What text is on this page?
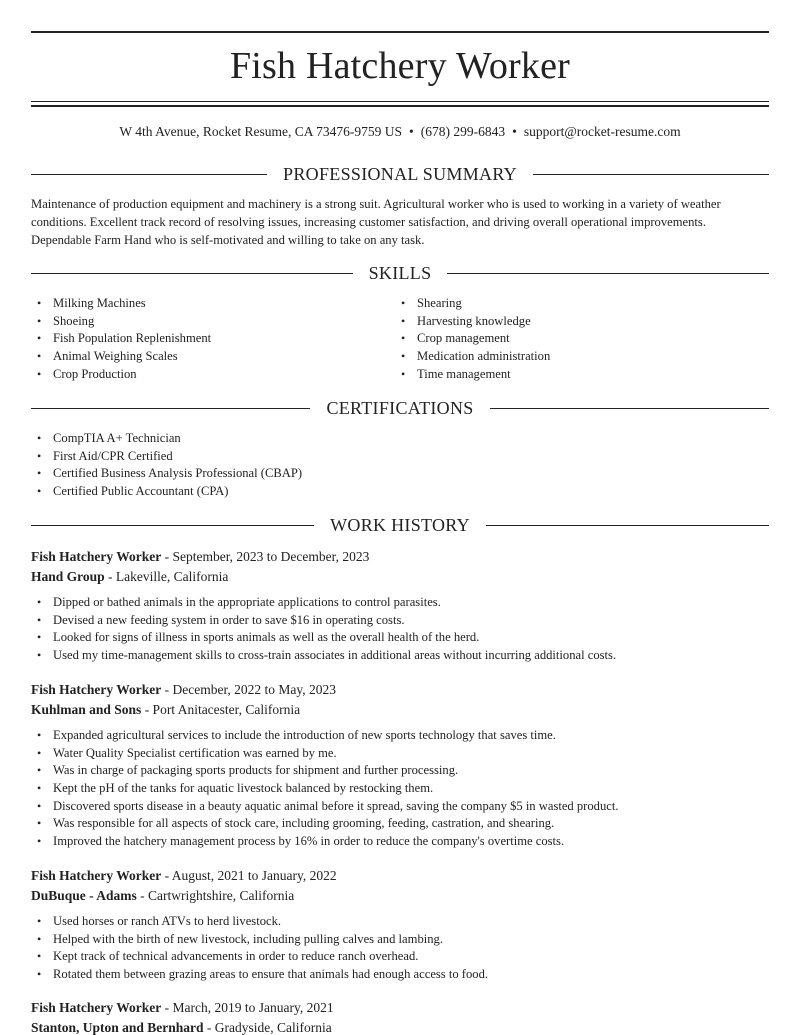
Fish Hatchery Worker
W 4th Avenue, Rocket Resume, CA 73476-9759 US • (678) 299-6843 • support@rocket-resume.com
PROFESSIONAL SUMMARY

Maintenance of production equipment and machinery is a strong suit. Agricultural worker who is used to working in a variety of weather conditions. Excellent track record of resolving issues, increasing customer satisfaction, and driving overall operational improvements. Dependable Farm Hand who is self-motivated and willing to take on any task.

SKILLS
• Milking Machines
• Shoeing
• Fish Population Replenishment
• Animal Weighing Scales
• Crop Production
• Shearing
• Harvesting knowledge
• Crop management
• Medication administration
• Time management
CERTIFICATIONS
• CompTIA A+ Technician
• First Aid/CPR Certified
• Certified Business Analysis Professional (CBAP)
• Certified Public Accountant (CPA)
WORK HISTORY
Fish Hatchery Worker - September, 2023 to December, 2023
Hand Group - Lakeville, California
• Dipped or bathed animals in the appropriate applications to control parasites.
• Devised a new feeding system in order to save $16 in operating costs.
• Looked for signs of illness in sports animals as well as the overall health of the herd.
• Used my time-management skills to cross-train associates in additional areas without incurring additional costs.
Fish Hatchery Worker - December, 2022 to May, 2023
Kuhlman and Sons - Port Anitacester, California
• Expanded agricultural services to include the introduction of new sports technology that saves time.
• Water Quality Specialist certification was earned by me.
• Was in charge of packaging sports products for shipment and further processing.
• Kept the pH of the tanks for aquatic livestock balanced by restocking them.
• Discovered sports disease in a beauty aquatic animal before it spread, saving the company $5 in wasted product.
• Was responsible for all aspects of stock care, including grooming, feeding, castration, and shearing.
• Improved the hatchery management process by 16% in order to reduce the company's overtime costs.
Fish Hatchery Worker - August, 2021 to January, 2022
DuBuque - Adams - Cartwrightshire, California
• Used horses or ranch ATVs to herd livestock.
• Helped with the birth of new livestock, including pulling calves and lambing.
• Kept track of technical advancements in order to reduce ranch overhead.
• Rotated them between grazing areas to ensure that animals had enough access to food.
Fish Hatchery Worker - March, 2019 to January, 2021
Stanton, Upton and Bernhard - Gradyside, California
